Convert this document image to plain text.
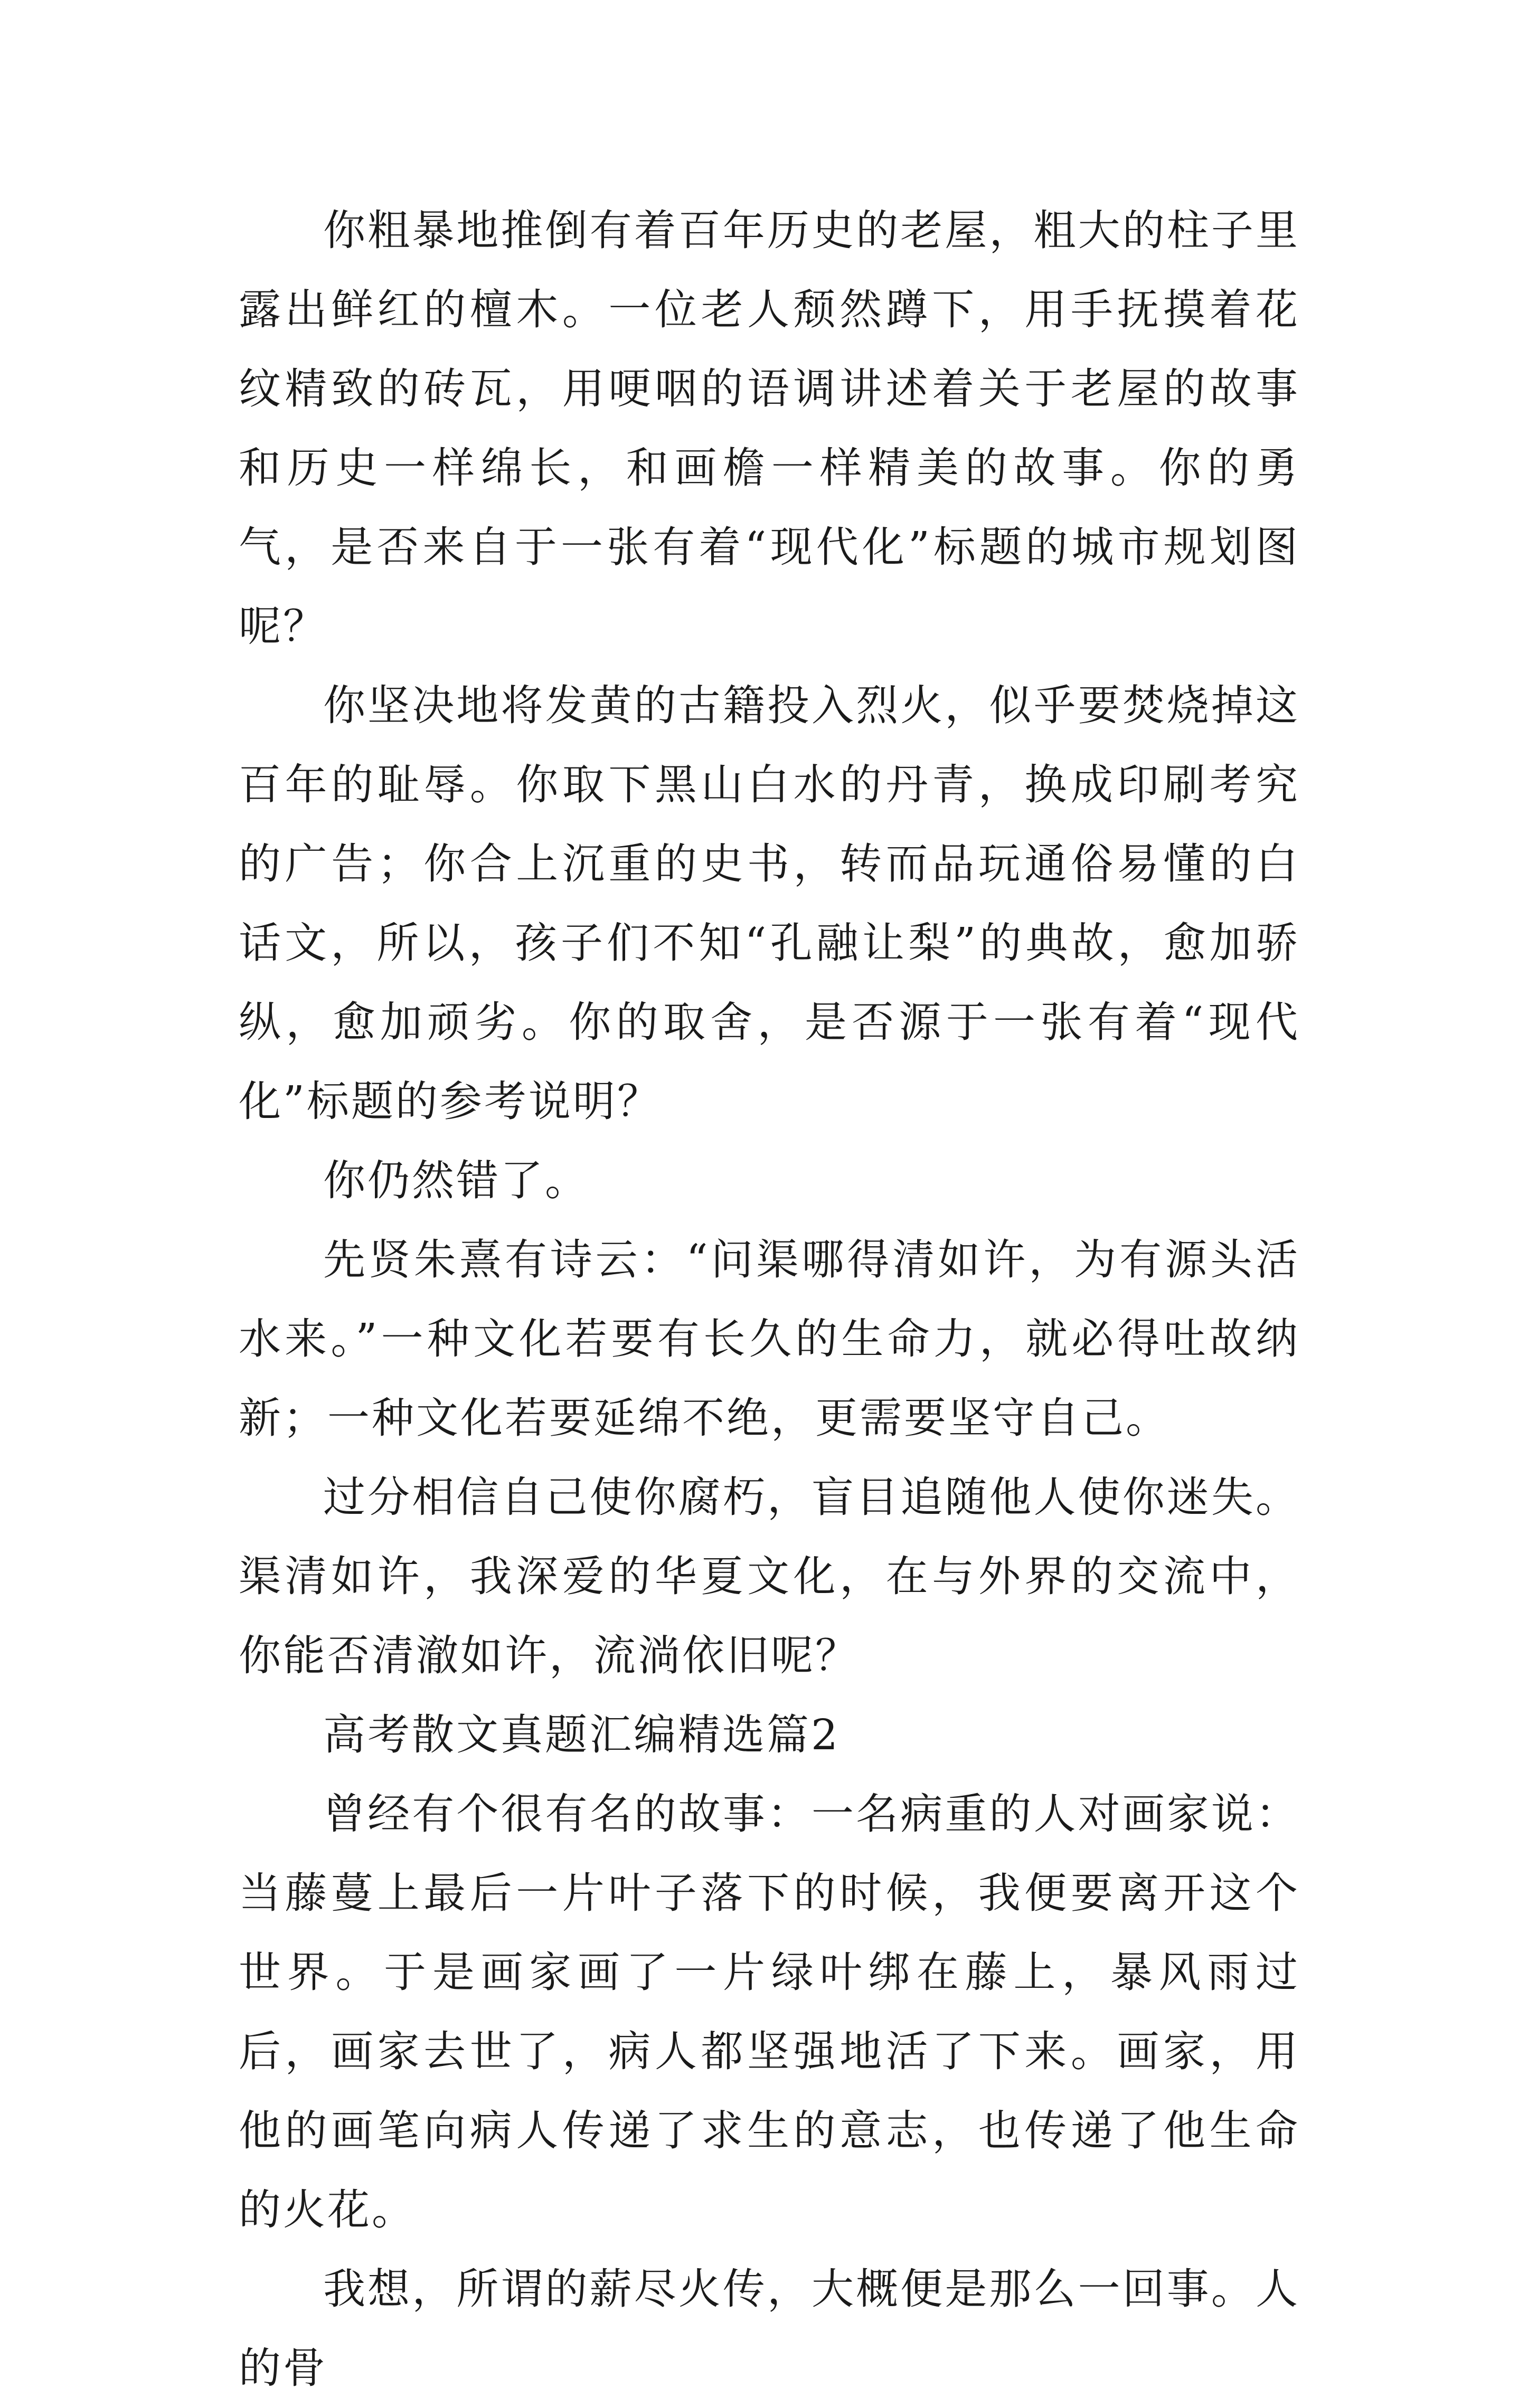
你粗暴地推倒有着百年历史的老屋，粗大的柱子里露出鲜红的檀木。一位老人颓然蹲下，用手抚摸着花纹精致的砖瓦，用哽咽的语调讲述着关于老屋的故事和历史一样绵长，和画檐一样精美的故事。你的勇气，是否来自于一张有着“现代化”标题的城市规划图呢？

你坚决地将发黄的古籍投入烈火，似乎要焚烧掉这百年的耻辱。你取下黑山白水的丹青，换成印刷考究的广告；你合上沉重的史书，转而品玩通俗易懂的白话文，所以，孩子们不知“孔融让梨”的典故，愈加骄纵，愈加顽劣。你的取舍，是否源于一张有着“现代化”标题的参考说明？

你仍然错了。

先贤朱熹有诗云：“问渠哪得清如许，为有源头活水来。”一种文化若要有长久的生命力，就必得吐故纳新；一种文化若要延绵不绝，更需要坚守自己。

过分相信自己使你腐朽，盲目追随他人使你迷失。渠清如许，我深爱的华夏文化，在与外界的交流中，你能否清澈如许，流淌依旧呢？

高考散文真题汇编精选篇2

曾经有个很有名的故事：一名病重的人对画家说：当藤蔓上最后一片叶子落下的时候，我便要离开这个世界。于是画家画了一片绿叶绑在藤上，暴风雨过后，画家去世了，病人都坚强地活了下来。画家，用他的画笔向病人传递了求生的意志，也传递了他生命的火花。

我想，所谓的薪尽火传，大概便是那么一回事。人的骨
